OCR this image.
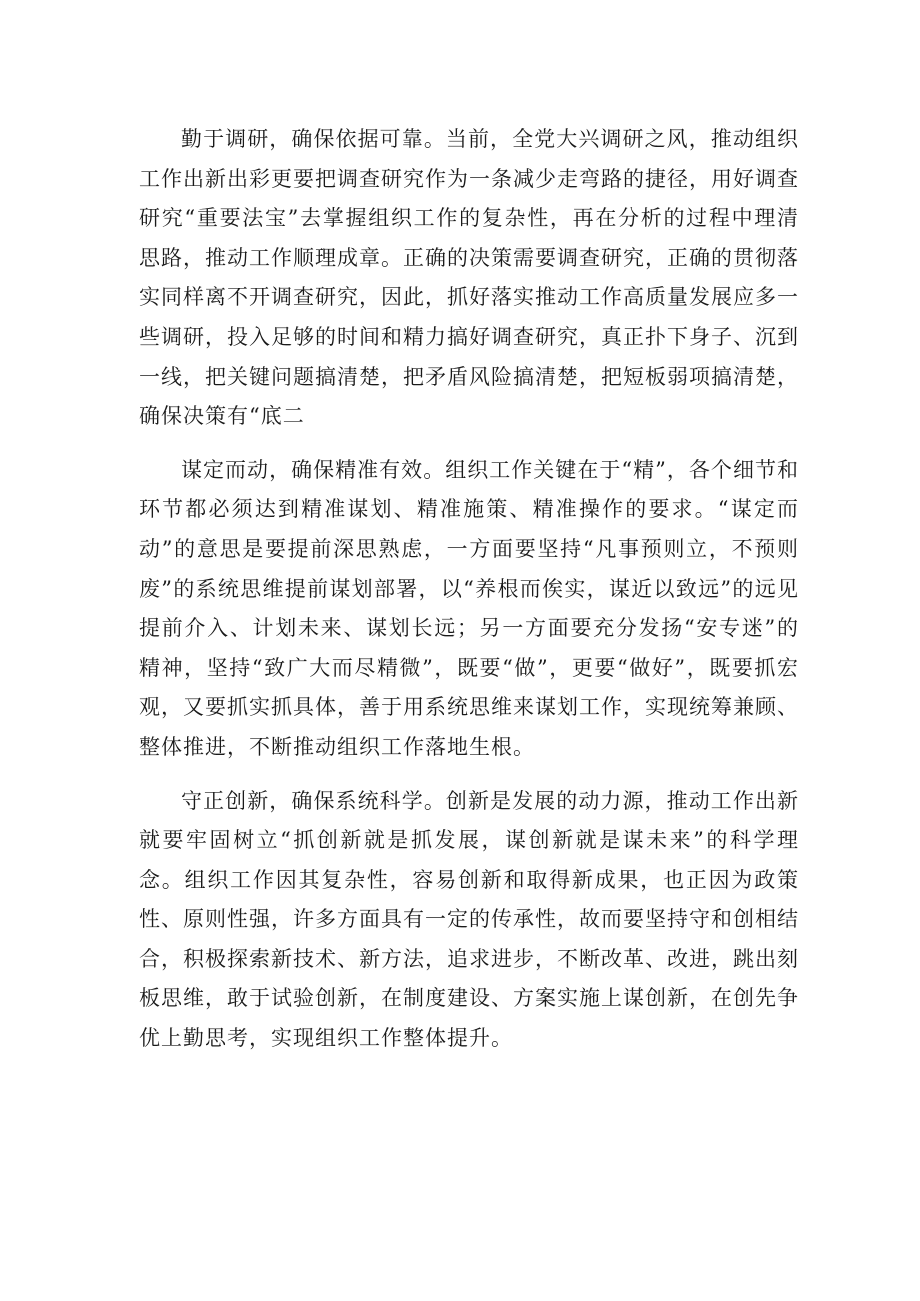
勤于调研，确保依据可靠。当前，全党大兴调研之风，推动组织工作出新出彩更要把调查研究作为一条减少走弯路的捷径，用好调查研究“重要法宝”去掌握组织工作的复杂性，再在分析的过程中理清思路，推动工作顺理成章。正确的决策需要调查研究，正确的贯彻落实同样离不开调查研究，因此，抓好落实推动工作高质量发展应多一些调研，投入足够的时间和精力搞好调查研究，真正扑下身子、沉到一线，把关键问题搞清楚，把矛盾风险搞清楚，把短板弱项搞清楚，确保决策有“底二

谋定而动，确保精准有效。组织工作关键在于“精”，各个细节和环节都必须达到精准谋划、精准施策、精准操作的要求。“谋定而动”的意思是要提前深思熟虑，一方面要坚持“凡事预则立，不预则废”的系统思维提前谋划部署，以“养根而俟实，谋近以致远”的远见提前介入、计划未来、谋划长远；另一方面要充分发扬“安专迷”的精神，坚持“致广大而尽精微”，既要“做”，更要“做好”，既要抓宏观，又要抓实抓具体，善于用系统思维来谋划工作，实现统筹兼顾、整体推进，不断推动组织工作落地生根。

守正创新，确保系统科学。创新是发展的动力源，推动工作出新就要牢固树立“抓创新就是抓发展，谋创新就是谋未来”的科学理念。组织工作因其复杂性，容易创新和取得新成果，也正因为政策性、原则性强，许多方面具有一定的传承性，故而要坚持守和创相结合，积极探索新技术、新方法，追求进步，不断改革、改进，跳出刻板思维，敢于试验创新，在制度建设、方案实施上谋创新，在创先争优上勤思考，实现组织工作整体提升。
